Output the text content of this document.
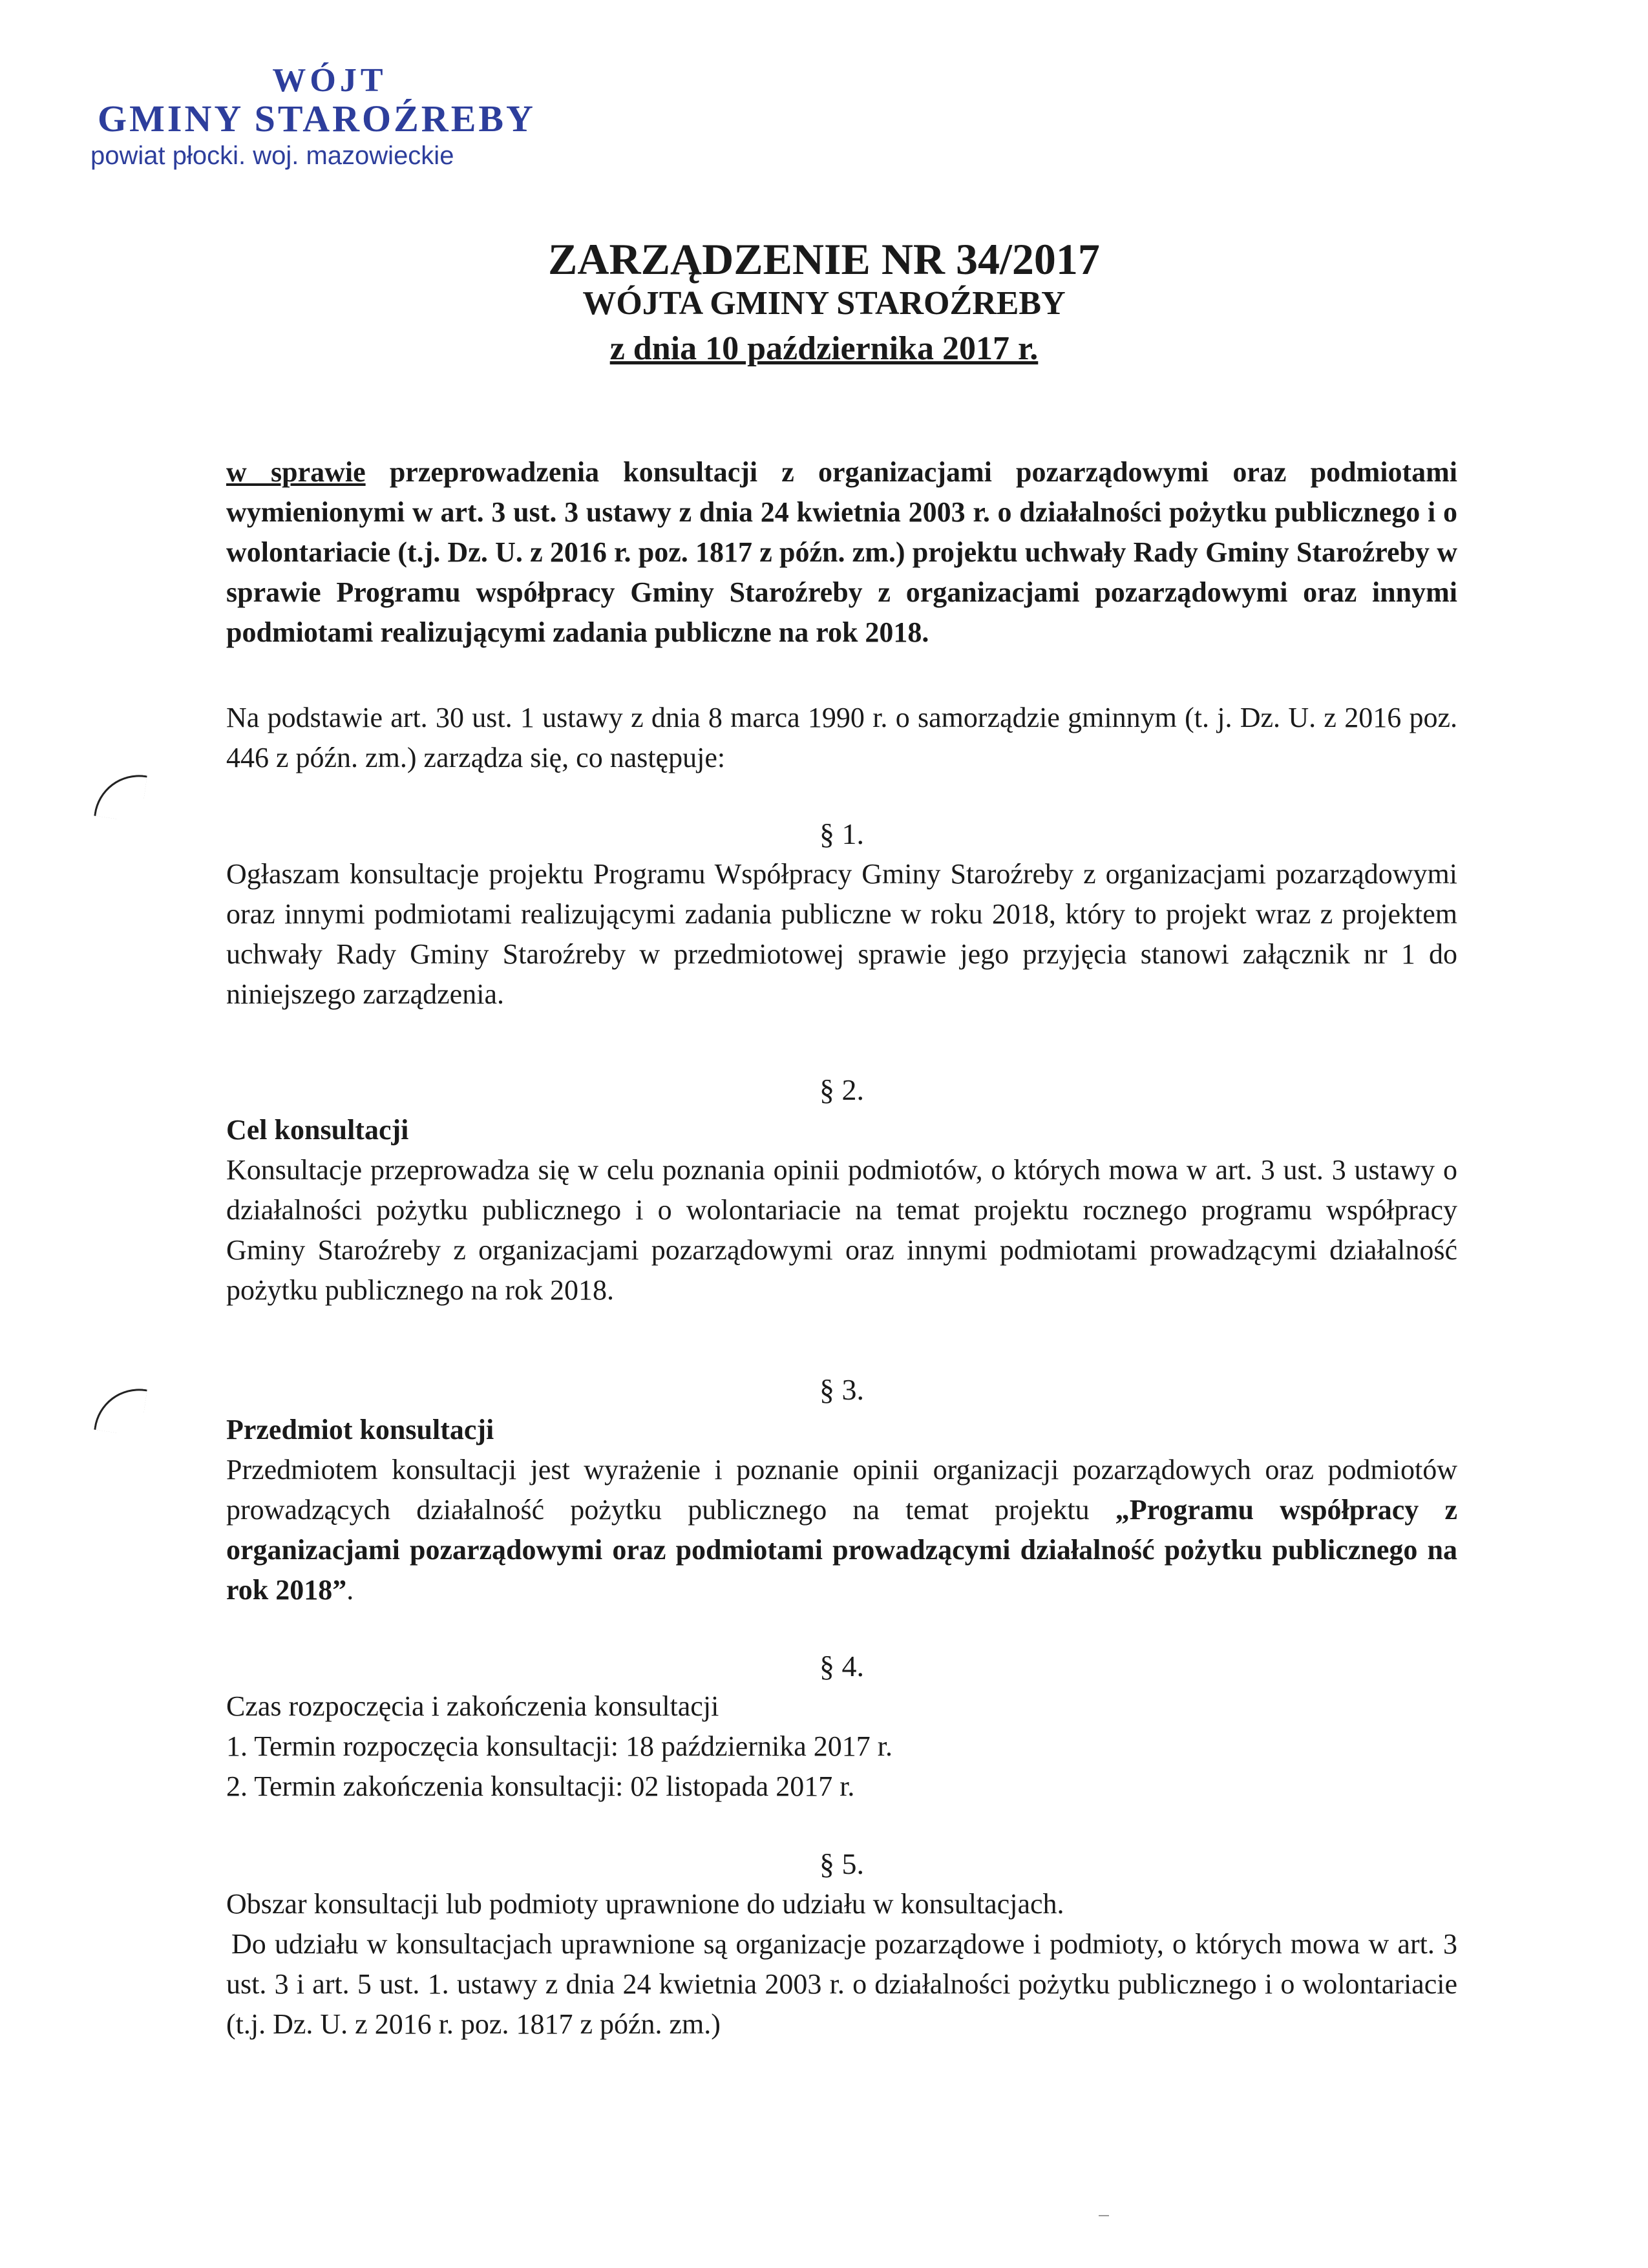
WÓJT
GMINY STAROŹREBY
powiat płocki. woj. mazowieckie
ZARZĄDZENIE NR 34/2017
WÓJTA GMINY STAROŹREBY
z dnia 10 października 2017 r.

w sprawie przeprowadzenia konsultacji z organizacjami pozarządowymi oraz podmiotami wymienionymi w art. 3 ust. 3 ustawy z dnia 24 kwietnia 2003 r. o działalności pożytku publicznego i o wolontariacie (t.j. Dz. U. z 2016 r. poz. 1817 z późn. zm.) projektu uchwały Rady Gminy Staroźreby w sprawie Programu współpracy Gminy Staroźreby z organizacjami pozarządowymi oraz innymi podmiotami realizującymi zadania publiczne na rok 2018.

Na podstawie art. 30 ust. 1 ustawy z dnia 8 marca 1990 r. o samorządzie gminnym (t. j. Dz. U. z 2016 poz. 446 z późn. zm.) zarządza się, co następuje:

§ 1.

Ogłaszam konsultacje projektu Programu Współpracy Gminy Staroźreby z organizacjami pozarządowymi oraz innymi podmiotami realizującymi zadania publiczne w roku 2018, który to projekt wraz z projektem uchwały Rady Gminy Staroźreby w przedmiotowej sprawie jego przyjęcia stanowi załącznik nr 1 do niniejszego zarządzenia.

§ 2.
Cel konsultacji

Konsultacje przeprowadza się w celu poznania opinii podmiotów, o których mowa w art. 3 ust. 3 ustawy o działalności pożytku publicznego i o wolontariacie na temat projektu rocznego programu współpracy Gminy Staroźreby z organizacjami pozarządowymi oraz innymi podmiotami prowadzącymi działalność pożytku publicznego na rok 2018.

§ 3.
Przedmiot konsultacji

Przedmiotem konsultacji jest wyrażenie i poznanie opinii organizacji pozarządowych oraz podmiotów prowadzących działalność pożytku publicznego na temat projektu „Programu współpracy z organizacjami pozarządowymi oraz podmiotami prowadzącymi działalność pożytku publicznego na rok 2018”.

§ 4.
Czas rozpoczęcia i zakończenia konsultacji
1. Termin rozpoczęcia konsultacji: 18 października 2017 r.
2. Termin zakończenia konsultacji: 02 listopada 2017 r.
§ 5.
Obszar konsultacji lub podmioty uprawnione do udziału w konsultacjach.

Do udziału w konsultacjach uprawnione są organizacje pozarządowe i podmioty, o których mowa w art. 3 ust. 3 i art. 5 ust. 1. ustawy z dnia 24 kwietnia 2003 r. o działalności pożytku publicznego i o wolontariacie (t.j. Dz. U. z 2016 r. poz. 1817 z późn. zm.)
